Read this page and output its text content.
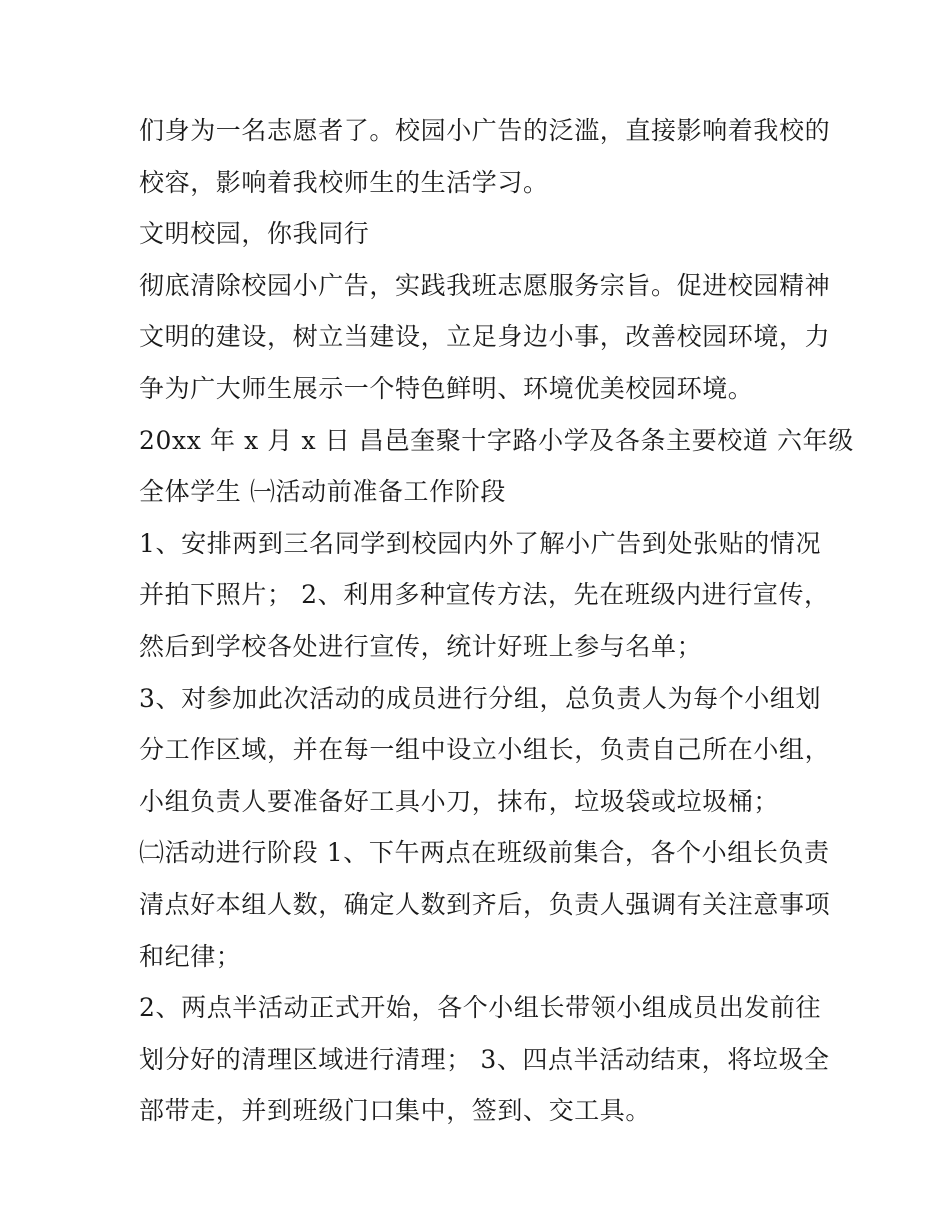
们身为一名志愿者了。校园小广告的泛滥，直接影响着我校的
校容，影响着我校师生的生活学习。
文明校园，你我同行
彻底清除校园小广告，实践我班志愿服务宗旨。促进校园精神
文明的建设，树立当建设，立足身边小事，改善校园环境，力
争为广大师生展示一个特色鲜明、环境优美校园环境。
20xx 年 x 月 x 日 昌邑奎聚十字路小学及各条主要校道 六年级
全体学生 ㈠活动前准备工作阶段
1、安排两到三名同学到校园内外了解小广告到处张贴的情况
并拍下照片； 2、利用多种宣传方法，先在班级内进行宣传，
然后到学校各处进行宣传，统计好班上参与名单；
3、对参加此次活动的成员进行分组，总负责人为每个小组划
分工作区域，并在每一组中设立小组长，负责自己所在小组，
小组负责人要准备好工具小刀，抹布，垃圾袋或垃圾桶；
㈡活动进行阶段 1、下午两点在班级前集合，各个小组长负责
清点好本组人数，确定人数到齐后，负责人强调有关注意事项
和纪律；
2、两点半活动正式开始，各个小组长带领小组成员出发前往
划分好的清理区域进行清理； 3、四点半活动结束，将垃圾全
部带走，并到班级门口集中，签到、交工具。
